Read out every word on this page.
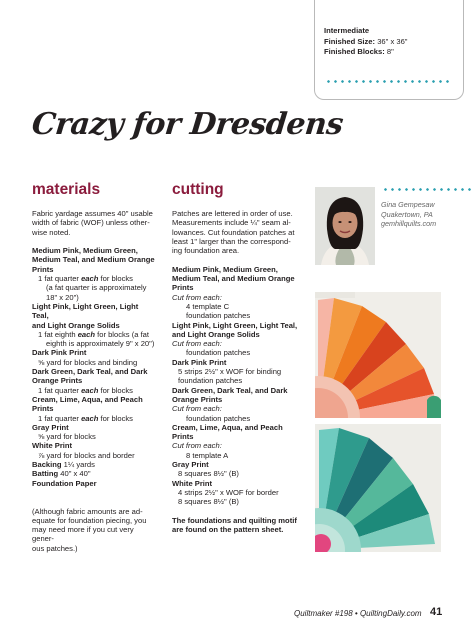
Intermediate
Finished Size: 36" x 36"
Finished Blocks: 8"
Crazy for Dresdens
materials

Fabric yardage assumes 40" usable

width of fabric (WOF) unless other-

wise noted.

Medium Pink, Medium Green,

Medium Teal, and Medium Orange

Prints

1 fat quarter each for blocks

(a fat quarter is approximately

18" x 20")

Light Pink, Light Green, Light Teal,

and Light Orange Solids

1 fat eighth each for blocks (a fat

eighth is approximately 9" x 20")

Dark Pink Print

⅝ yard for blocks and binding

Dark Green, Dark Teal, and Dark

Orange Prints

1 fat quarter each for blocks

Cream, Lime, Aqua, and Peach

Prints

1 fat quarter each for blocks

Gray Print

⅝ yard for blocks

White Print

⅞ yard for blocks and border

Backing 1¼ yards

Batting 40" x 40"

Foundation Paper

(Although fabric amounts are ad-

equate for foundation piecing, you

may need more if you cut very gener-

ous patches.)

cutting

Patches are lettered in order of use.

Measurements include ¼" seam al-

lowances. Cut foundation patches at

least 1" larger than the correspond-

ing foundation area.

Medium Pink, Medium Green,

Medium Teal, and Medium Orange

Prints

Cut from each:

4 template C

foundation patches

Light Pink, Light Green, Light Teal,

and Light Orange Solids

Cut from each:

foundation patches

Dark Pink Print

5 strips 2½" x WOF for binding

foundation patches

Dark Green, Dark Teal, and Dark

Orange Prints

Cut from each:

foundation patches

Cream, Lime, Aqua, and Peach

Prints

Cut from each:

8 template A

Gray Print

8 squares 8½" (B)

White Print

4 strips 2½" x WOF for border

8 squares 8½" (B)

The foundations and quilting motif

are found on the pattern sheet.

Gina Gempesaw
Quakertown, PA
gemhillquilts.com
Quiltmaker #198 • QuiltingDaily.com 41
